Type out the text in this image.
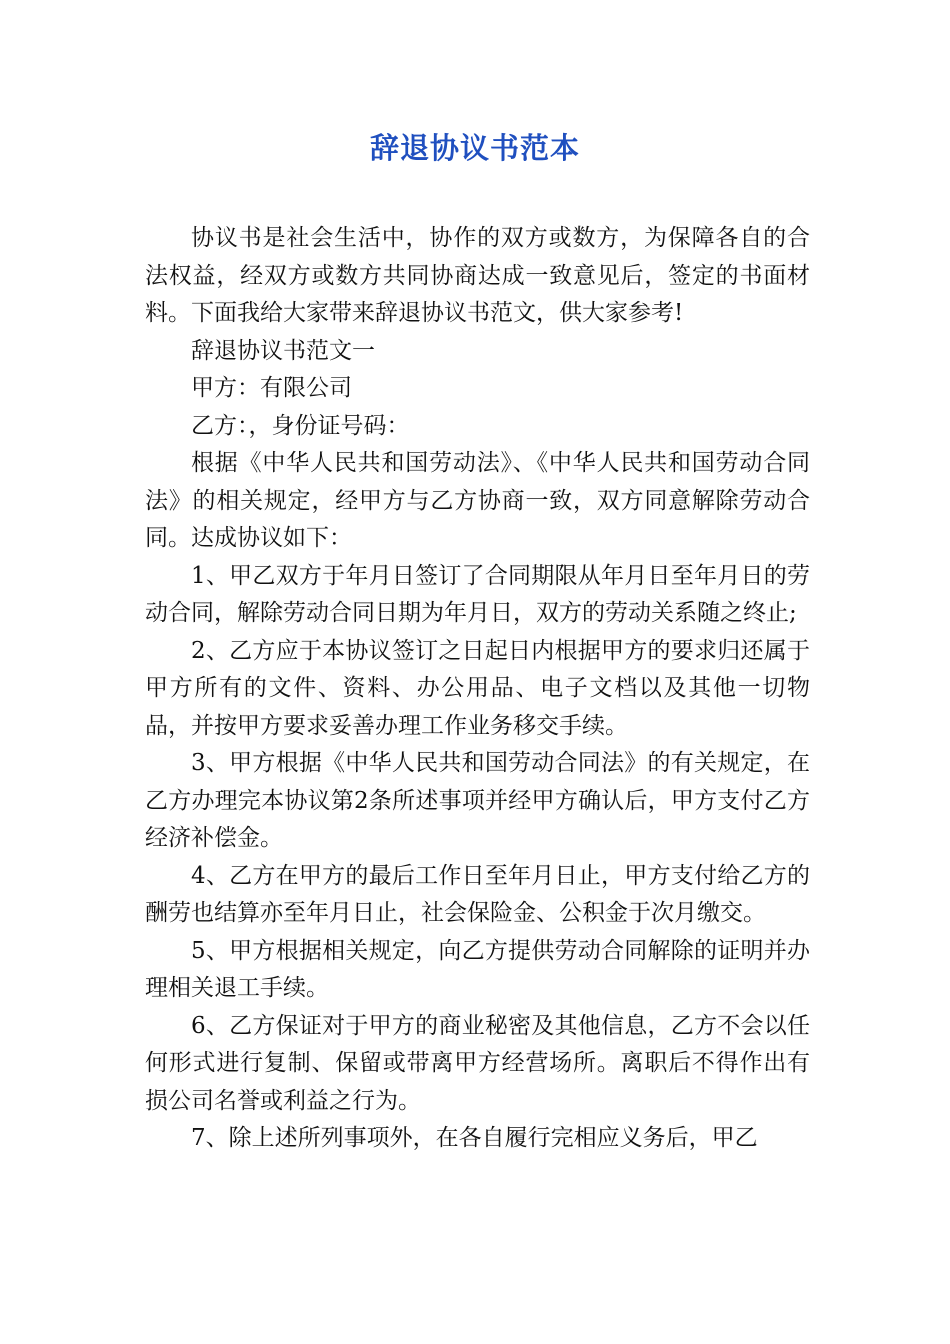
辞退协议书范本

协议书是社会生活中，协作的双方或数方，为保障各自的合法权益，经双方或数方共同协商达成一致意见后，签定的书面材料。下面我给大家带来辞退协议书范文，供大家参考!

辞退协议书范文一

甲方：有限公司

乙方：，身份证号码：

根据《中华人民共和国劳动法》、《中华人民共和国劳动合同法》的相关规定，经甲方与乙方协商一致，双方同意解除劳动合同。达成协议如下：

1、甲乙双方于年月日签订了合同期限从年月日至年月日的劳动合同，解除劳动合同日期为年月日，双方的劳动关系随之终止;

2、乙方应于本协议签订之日起日内根据甲方的要求归还属于甲方所有的文件、资料、办公用品、电子文档以及其他一切物品，并按甲方要求妥善办理工作业务移交手续。

3、甲方根据《中华人民共和国劳动合同法》的有关规定，在乙方办理完本协议第2条所述事项并经甲方确认后，甲方支付乙方经济补偿金。

4、乙方在甲方的最后工作日至年月日止，甲方支付给乙方的酬劳也结算亦至年月日止，社会保险金、公积金于次月缴交。

5、甲方根据相关规定，向乙方提供劳动合同解除的证明并办理相关退工手续。

6、乙方保证对于甲方的商业秘密及其他信息，乙方不会以任何形式进行复制、保留或带离甲方经营场所。离职后不得作出有损公司名誉或利益之行为。

7、除上述所列事项外，在各自履行完相应义务后，甲乙
